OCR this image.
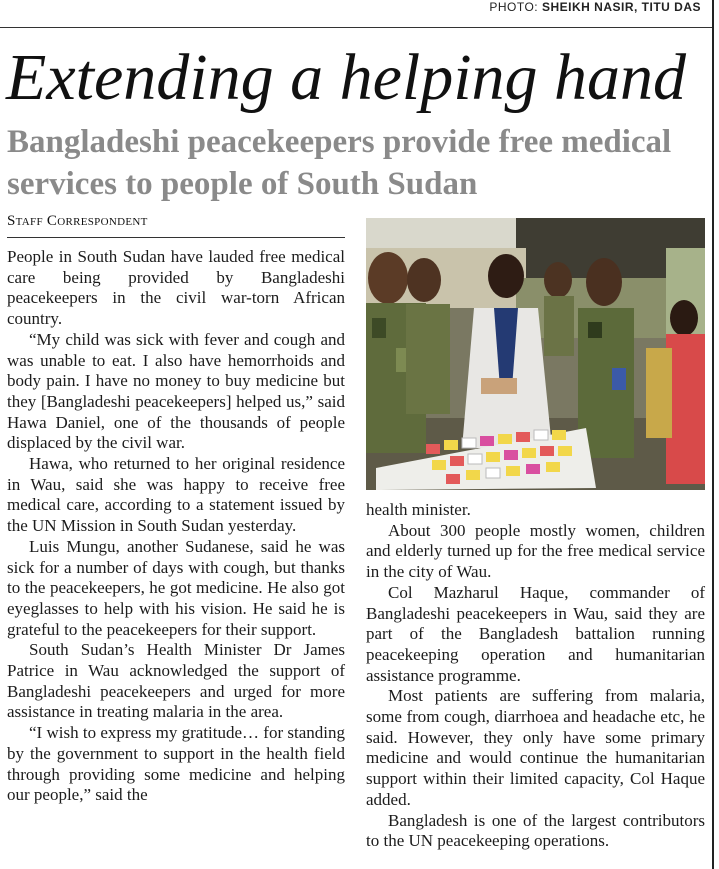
PHOTO: SHEIKH NASIR, TITU DAS
Extending a helping hand
Bangladeshi peacekeepers provide free medical services to people of South Sudan
Staff Correspondent

People in South Sudan have lauded free medical care being provided by Bangladeshi peacekeepers in the civil war-torn African country.

“My child was sick with fever and cough and was unable to eat. I also have hemorrhoids and body pain. I have no money to buy medicine but they [Bangladeshi peacekeepers] helped us,” said Hawa Daniel, one of the thousands of people displaced by the civil war.

Hawa, who returned to her original residence in Wau, said she was happy to receive free medical care, according to a statement issued by the UN Mission in South Sudan yesterday.

Luis Mungu, another Sudanese, said he was sick for a number of days with cough, but thanks to the peacekeepers, he got medicine. He also got eyeglasses to help with his vision. He said he is grateful to the peacekeepers for their support.

South Sudan’s Health Minister Dr James Patrice in Wau acknowledged the support of Bangladeshi peacekeepers and urged for more assistance in treating malaria in the area.

“I wish to express my gratitude… for standing by the government to support in the health field through providing some medicine and helping our people,” said the

health minister.

About 300 people mostly women, children and elderly turned up for the free medical service in the city of Wau.

Col Mazharul Haque, commander of Bangladeshi peacekeepers in Wau, said they are part of the Bangladesh battalion running peacekeeping operation and humanitarian assistance programme.

Most patients are suffering from malaria, some from cough, diarrhoea and headache etc, he said. However, they only have some primary medicine and would continue the humanitarian support within their limited capacity, Col Haque added.

Bangladesh is one of the largest contributors to the UN peacekeeping operations.
